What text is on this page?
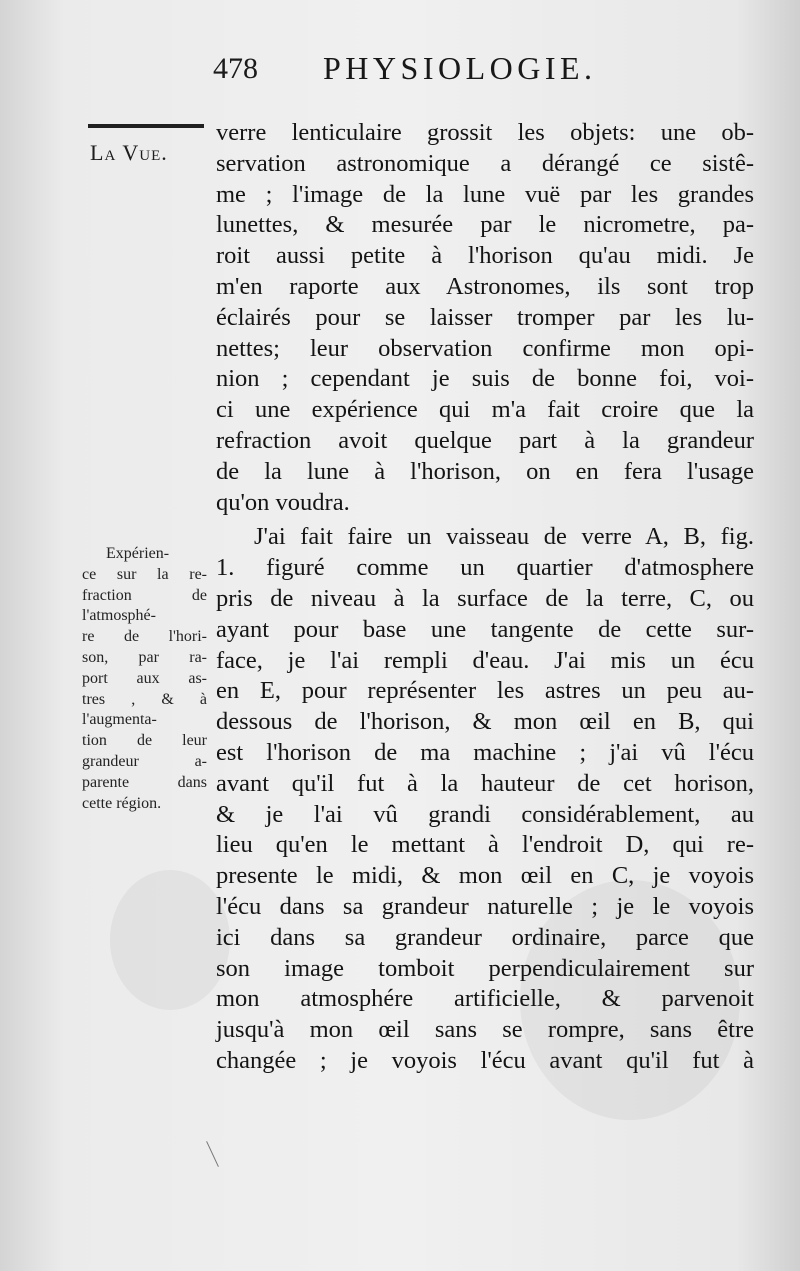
478 PHYSIOLOGIE.
La Vue.
Expérien-
ce sur la re-
fraction de
l'atmosphé-
re de l'hori-
son, par ra-
port aux as-
tres , & à
l'augmenta-
tion de leur
grandeur a-
parente dans
cette région.
verre lenticulaire grossit les objets: une ob-
servation astronomique a dérangé ce sistê-
me ; l'image de la lune vuë par les grandes
lunettes, & mesurée par le nicrometre, pa-
roit aussi petite à l'horison qu'au midi. Je
m'en raporte aux Astronomes, ils sont trop
éclairés pour se laisser tromper par les lu-
nettes; leur observation confirme mon opi-
nion ; cependant je suis de bonne foi, voi-
ci une expérience qui m'a fait croire que la
refraction avoit quelque part à la grandeur
de la lune à l'horison, on en fera l'usage
qu'on voudra.
J'ai fait faire un vaisseau de verre A, B, fig.
1. figuré comme un quartier d'atmosphere
pris de niveau à la surface de la terre, C, ou
ayant pour base une tangente de cette sur-
face, je l'ai rempli d'eau. J'ai mis un écu
en E, pour représenter les astres un peu au-
dessous de l'horison, & mon œil en B, qui
est l'horison de ma machine ; j'ai vû l'écu
avant qu'il fut à la hauteur de cet horison,
& je l'ai vû grandi considérablement, au
lieu qu'en le mettant à l'endroit D, qui re-
presente le midi, & mon œil en C, je voyois
l'écu dans sa grandeur naturelle ; je le voyois
ici dans sa grandeur ordinaire, parce que
son image tomboit perpendiculairement sur
mon atmosphére artificielle, & parvenoit
jusqu'à mon œil sans se rompre, sans être
changée ; je voyois l'écu avant qu'il fut à
